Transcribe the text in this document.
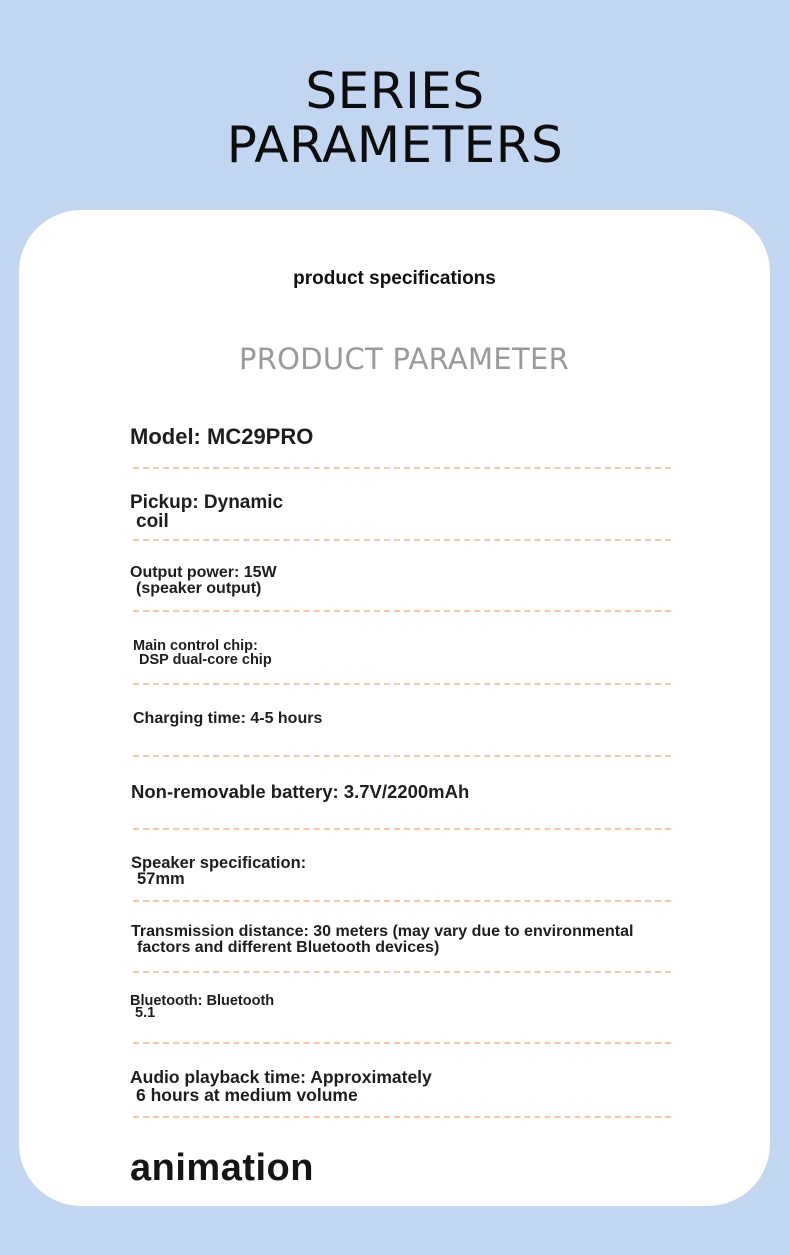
SERIES
PARAMETERS
product specifications
PRODUCT PARAMETER
Model: MC29PRO
Pickup: Dynamic
coil
Output power: 15W
(speaker output)
Main control chip:
DSP dual-core chip
Charging time: 4-5 hours
Non-removable battery: 3.7V/2200mAh
Speaker specification:
57mm
Transmission distance: 30 meters (may vary due to environmental
factors and different Bluetooth devices)
Bluetooth: Bluetooth
5.1
Audio playback time: Approximately
6 hours at medium volume
animation
